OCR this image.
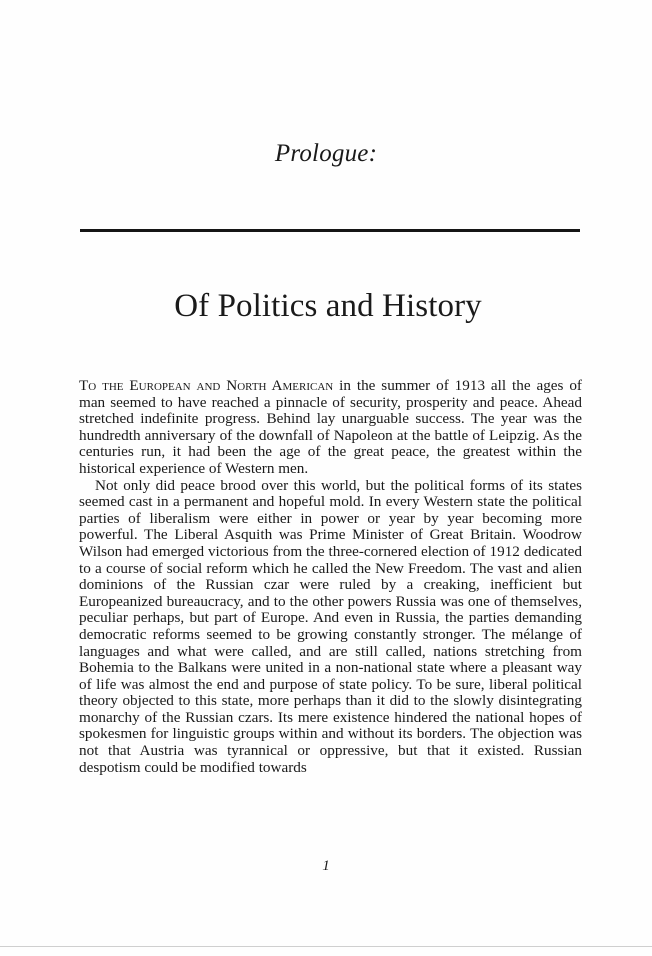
Prologue:
Of Politics and History

To the European and North American in the summer of 1913 all the ages of man seemed to have reached a pinnacle of security, prosperity and peace. Ahead stretched indefinite progress. Behind lay unarguable success. The year was the hundredth anniversary of the downfall of Napoleon at the battle of Leipzig. As the centuries run, it had been the age of the great peace, the greatest within the historical experience of Western men.

Not only did peace brood over this world, but the political forms of its states seemed cast in a permanent and hopeful mold. In every Western state the political parties of liberalism were either in power or year by year becoming more powerful. The Liberal Asquith was Prime Minister of Great Britain. Woodrow Wilson had emerged victorious from the three-cornered election of 1912 dedicated to a course of social reform which he called the New Freedom. The vast and alien dominions of the Russian czar were ruled by a creaking, inefficient but Europeanized bureaucracy, and to the other powers Russia was one of themselves, peculiar perhaps, but part of Europe. And even in Russia, the parties demanding democratic reforms seemed to be growing constantly stronger. The mélange of languages and what were called, and are still called, nations stretching from Bohemia to the Balkans were united in a non-national state where a pleasant way of life was almost the end and purpose of state policy. To be sure, liberal political theory objected to this state, more perhaps than it did to the slowly disintegrating monarchy of the Russian czars. Its mere existence hindered the national hopes of spokesmen for linguistic groups within and without its borders. The objection was not that Austria was tyrannical or oppressive, but that it existed. Russian despotism could be modified towards

1
